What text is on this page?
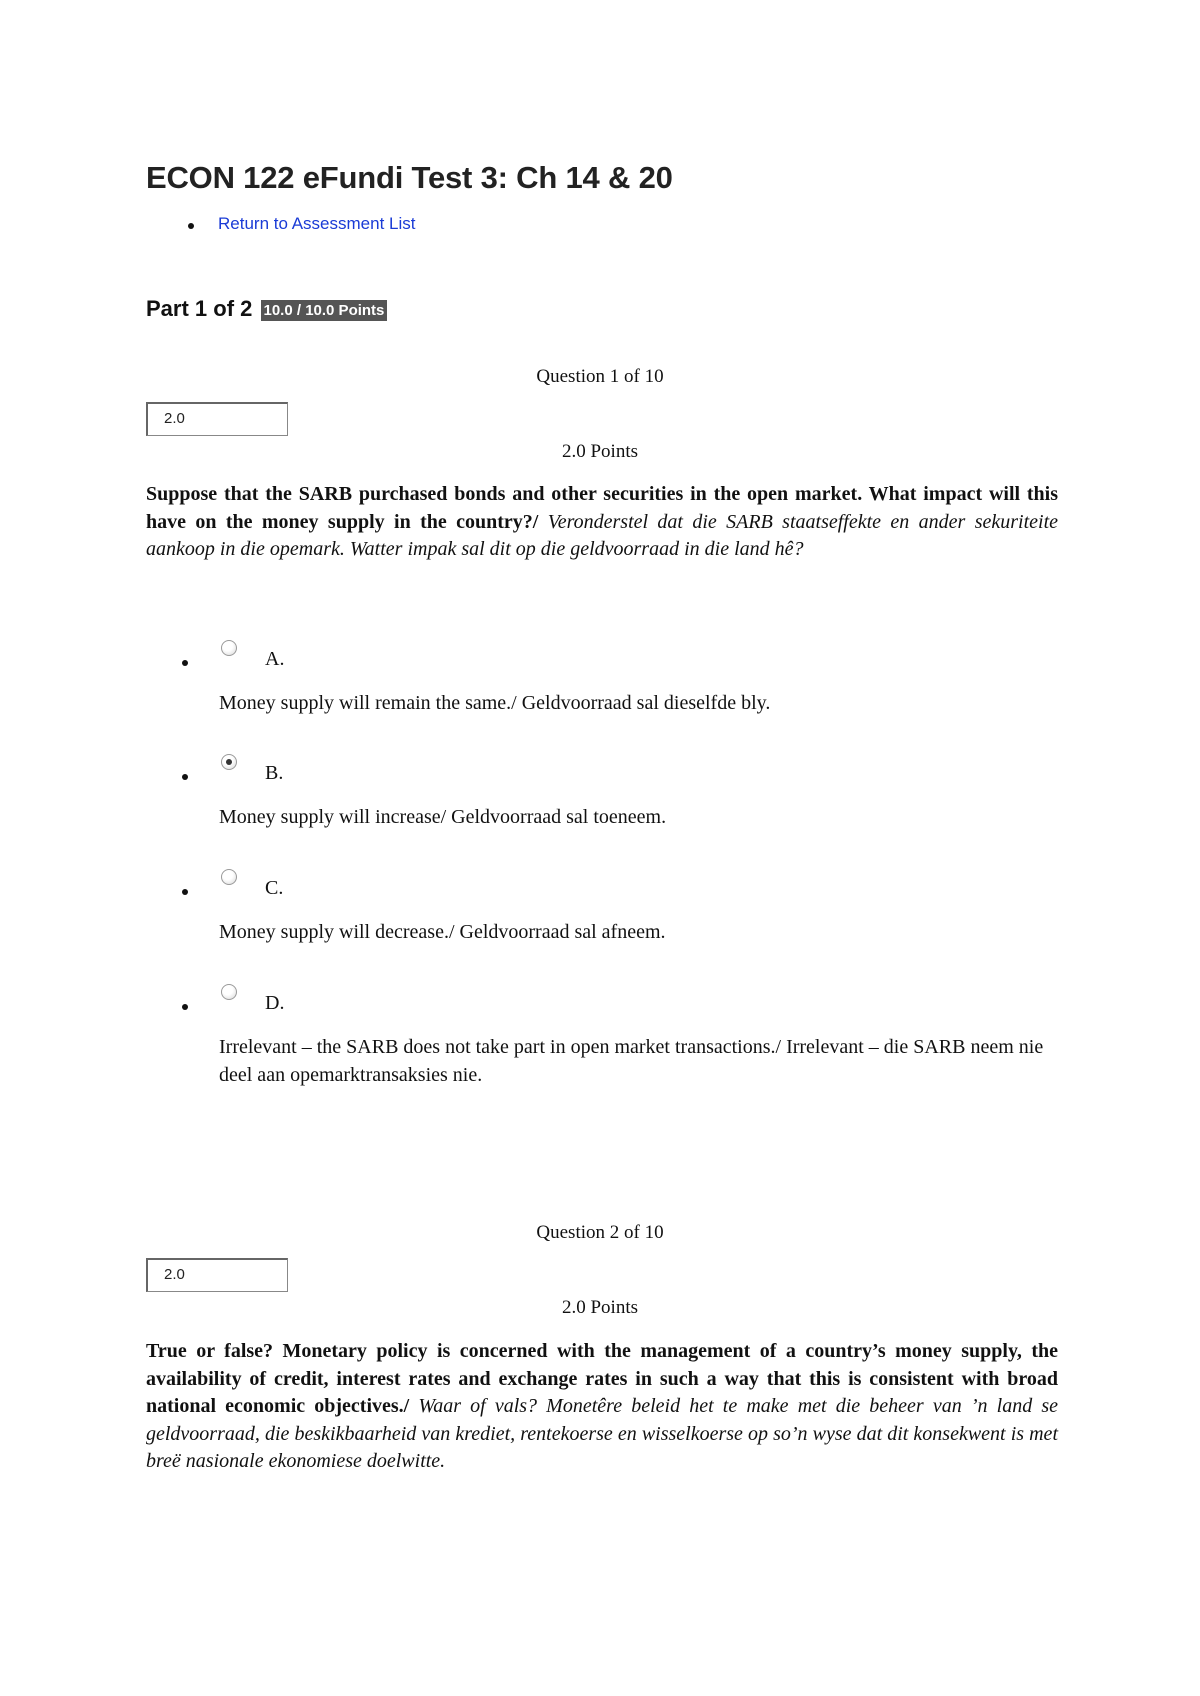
ECON 122 eFundi Test 3: Ch 14 & 20
Return to Assessment List
Part 1 of 2 10.0 / 10.0 Points
Question 1 of 10
2.0
2.0 Points

Suppose that the SARB purchased bonds and other securities in the open market. What impact will this have on the money supply in the country?/ Veronderstel dat die SARB staatseffekte en ander sekuriteite aankoop in die opemark. Watter impak sal dit op die geldvoorraad in die land hê?

A.
Money supply will remain the same./ Geldvoorraad sal dieselfde bly.
B.
Money supply will increase/ Geldvoorraad sal toeneem.
C.
Money supply will decrease./ Geldvoorraad sal afneem.
D.
Irrelevant – the SARB does not take part in open market transactions./ Irrelevant – die SARB neem nie deel aan opemarktransaksies nie.
Question 2 of 10
2.0
2.0 Points

True or false? Monetary policy is concerned with the management of a country’s money supply, the availability of credit, interest rates and exchange rates in such a way that this is consistent with broad national economic objectives./ Waar of vals? Monetêre beleid het te make met die beheer van ’n land se geldvoorraad, die beskikbaarheid van krediet, rentekoerse en wisselkoerse op so’n wyse dat dit konsekwent is met breë nasionale ekonomiese doelwitte.
